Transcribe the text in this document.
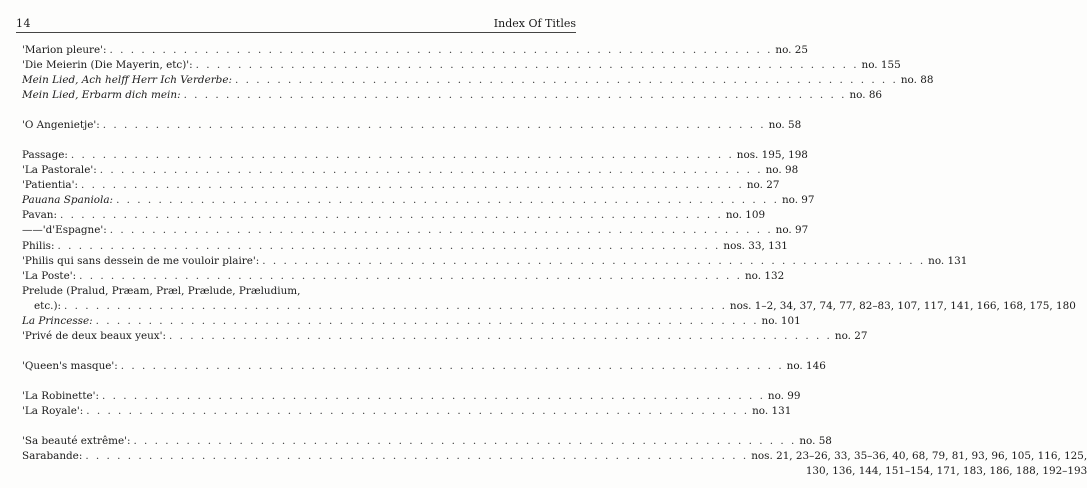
14	Index Of Titles
'Marion pleure': . . . . . . . . . . . . . . . . . . . . . . . . . . . . . . . . . . . . . . . . . . . . . . . . . . . . . . . . . . . . . . . no. 25
'Die Meierin (Die Mayerin, etc)': . . . . . . . . . . . . . . . . . . . . . . . . . . . . . . . . . . . . . . . . . . . . . . . . . . . . . . . . . . . . . . . no. 155
Mein Lied, Ach helff Herr Ich Verderbe: . . . . . . . . . . . . . . . . . . . . . . . . . . . . . . . . . . . . . . . . . . . . . . . . . . . . . . . . . . . . . . . no. 88
Mein Lied, Erbarm dich mein: . . . . . . . . . . . . . . . . . . . . . . . . . . . . . . . . . . . . . . . . . . . . . . . . . . . . . . . . . . . . . . . no. 86
'O Angenietje': . . . . . . . . . . . . . . . . . . . . . . . . . . . . . . . . . . . . . . . . . . . . . . . . . . . . . . . . . . . . . . . no. 58
Passage: . . . . . . . . . . . . . . . . . . . . . . . . . . . . . . . . . . . . . . . . . . . . . . . . . . . . . . . . . . . . . . . nos. 195, 198
'La Pastorale': . . . . . . . . . . . . . . . . . . . . . . . . . . . . . . . . . . . . . . . . . . . . . . . . . . . . . . . . . . . . . . . no. 98
'Patientia': . . . . . . . . . . . . . . . . . . . . . . . . . . . . . . . . . . . . . . . . . . . . . . . . . . . . . . . . . . . . . . . no. 27
Pauana Spaniola: . . . . . . . . . . . . . . . . . . . . . . . . . . . . . . . . . . . . . . . . . . . . . . . . . . . . . . . . . . . . . . . no. 97
Pavan: . . . . . . . . . . . . . . . . . . . . . . . . . . . . . . . . . . . . . . . . . . . . . . . . . . . . . . . . . . . . . . . no. 109
——'d'Espagne': . . . . . . . . . . . . . . . . . . . . . . . . . . . . . . . . . . . . . . . . . . . . . . . . . . . . . . . . . . . . . . . no. 97
Philis: . . . . . . . . . . . . . . . . . . . . . . . . . . . . . . . . . . . . . . . . . . . . . . . . . . . . . . . . . . . . . . . nos. 33, 131
'Philis qui sans dessein de me vouloir plaire': . . . . . . . . . . . . . . . . . . . . . . . . . . . . . . . . . . . . . . . . . . . . . . . . . . . . . . . . . . . . . . . no. 131
'La Poste': . . . . . . . . . . . . . . . . . . . . . . . . . . . . . . . . . . . . . . . . . . . . . . . . . . . . . . . . . . . . . . . no. 132
Prelude (Pralud, Præam, Præl, Prælude, Præludium,
etc.): . . . . . . . . . . . . . . . . . . . . . . . . . . . . . . . . . . . . . . . . . . . . . . . . . . . . . . . . . . . . . . . nos. 1–2, 34, 37, 74, 77, 82–83, 107, 117, 141, 166, 168, 175, 180
La Princesse: . . . . . . . . . . . . . . . . . . . . . . . . . . . . . . . . . . . . . . . . . . . . . . . . . . . . . . . . . . . . . . . no. 101
'Privé de deux beaux yeux': . . . . . . . . . . . . . . . . . . . . . . . . . . . . . . . . . . . . . . . . . . . . . . . . . . . . . . . . . . . . . . . no. 27
'Queen's masque': . . . . . . . . . . . . . . . . . . . . . . . . . . . . . . . . . . . . . . . . . . . . . . . . . . . . . . . . . . . . . . . no. 146
'La Robinette': . . . . . . . . . . . . . . . . . . . . . . . . . . . . . . . . . . . . . . . . . . . . . . . . . . . . . . . . . . . . . . . no. 99
'La Royale': . . . . . . . . . . . . . . . . . . . . . . . . . . . . . . . . . . . . . . . . . . . . . . . . . . . . . . . . . . . . . . . no. 131
'Sa beauté extrême': . . . . . . . . . . . . . . . . . . . . . . . . . . . . . . . . . . . . . . . . . . . . . . . . . . . . . . . . . . . . . . . no. 58
Sarabande: . . . . . . . . . . . . . . . . . . . . . . . . . . . . . . . . . . . . . . . . . . . . . . . . . . . . . . . . . . . . . . . nos. 21, 23–26, 33, 35–36, 40, 68, 79, 81, 93, 96, 105, 116, 125,
130, 136, 144, 151–154, 171, 183, 186, 188, 192–193
